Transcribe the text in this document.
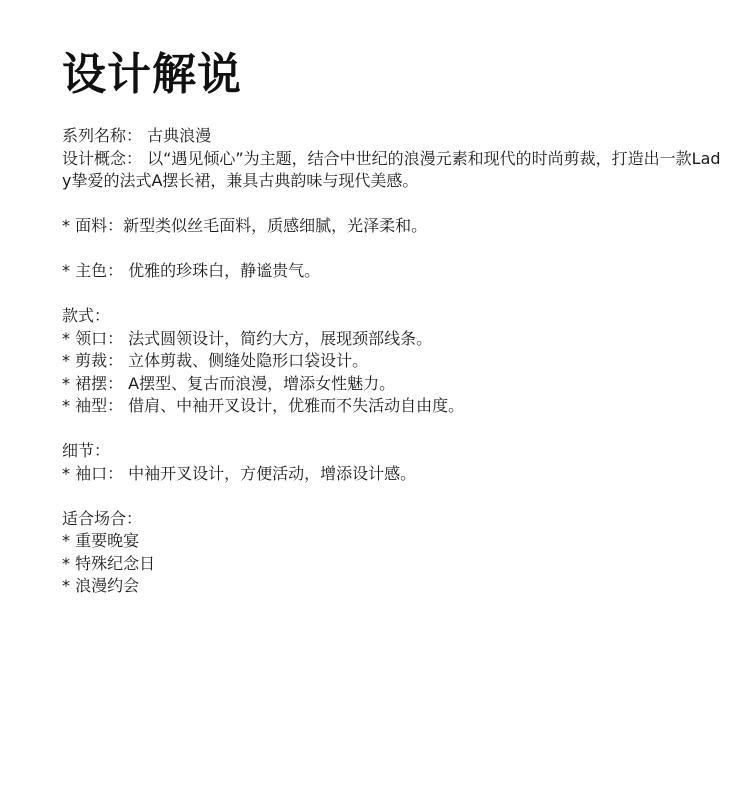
设计解说
系列名称： 古典浪漫
设计概念： 以“遇见倾心”为主题，结合中世纪的浪漫元素和现代的时尚剪裁，打造出一款Lady挚爱的法式A摆长裙，兼具古典韵味与现代美感。
* 面料：新型类似丝毛面料，质感细腻，光泽柔和。
* 主色： 优雅的珍珠白，静谧贵气。
款式：
* 领口： 法式圆领设计，简约大方，展现颈部线条。
* 剪裁： 立体剪裁、侧缝处隐形口袋设计。
* 裙摆： A摆型、复古而浪漫，增添女性魅力。
* 袖型： 借肩、中袖开叉设计，优雅而不失活动自由度。
细节：
* 袖口： 中袖开叉设计，方便活动，增添设计感。
适合场合：
* 重要晚宴
* 特殊纪念日
* 浪漫约会
